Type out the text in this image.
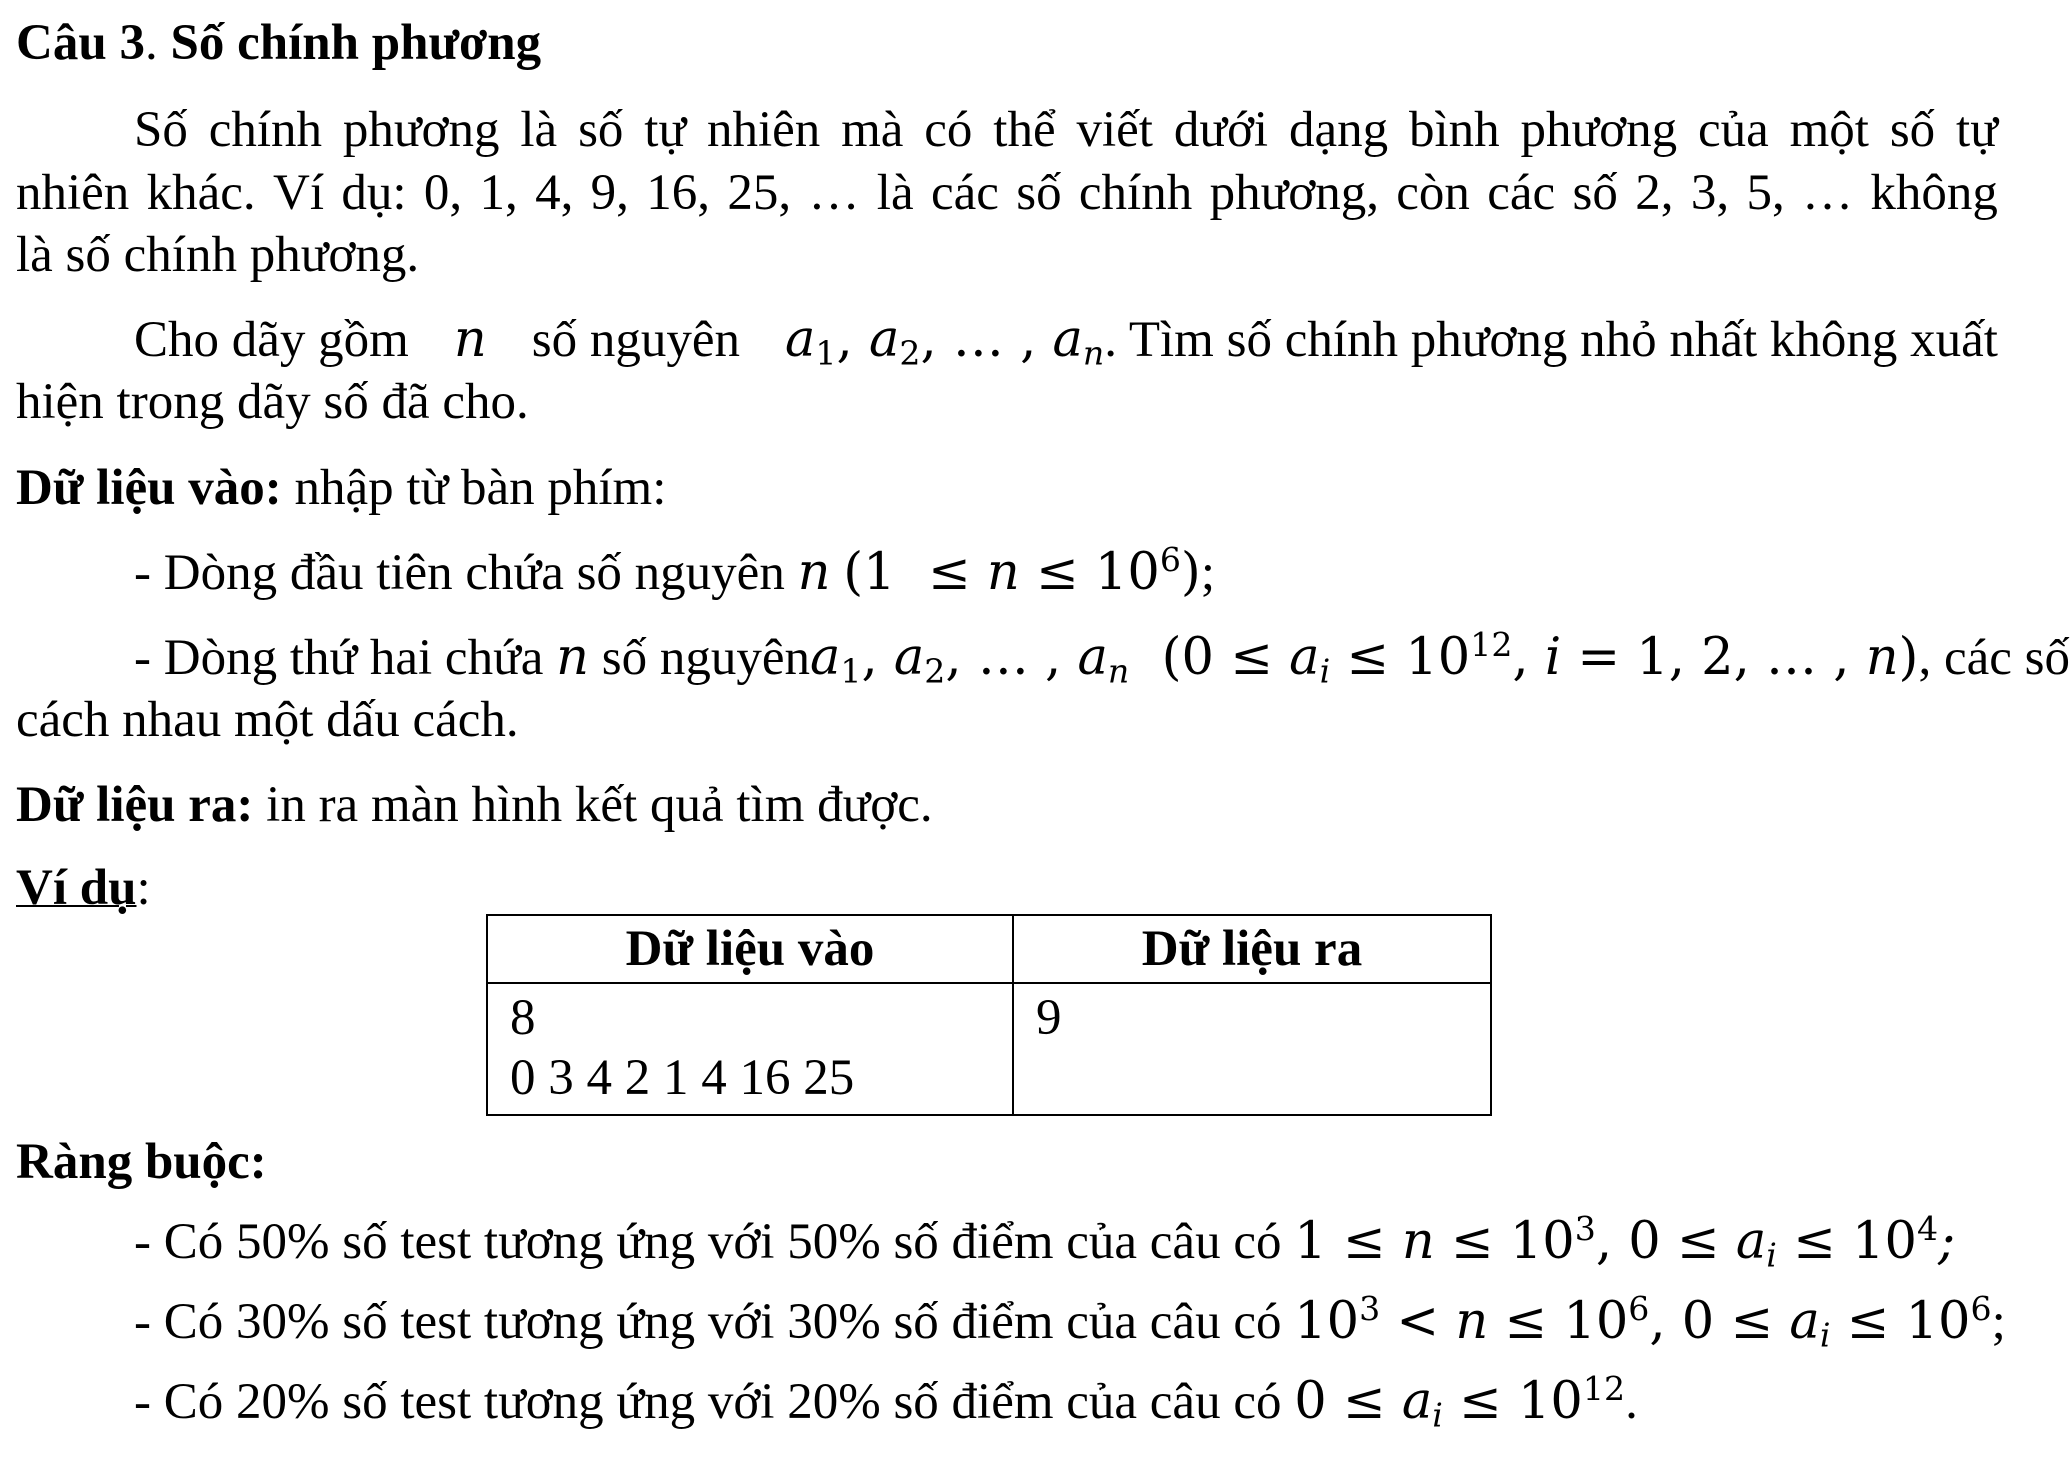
Câu 3. Số chính phương
Số chính phương là số tự nhiên mà có thể viết dưới dạng bình phương của một số tự
nhiên khác. Ví dụ: 0, 1, 4, 9, 16, 25, … là các số chính phương, còn các số 2, 3, 5, … không
là số chính phương.
Cho dãy gồm n số nguyên $a_1$, $a_2$, … , $a_n$. Tìm số chính phương nhỏ nhất không xuất
hiện trong dãy số đã cho.
Dữ liệu vào: nhập từ bàn phím:
- Dòng đầu tiên chứa số nguyên n $(1 \le n \le 10^6)$;
- Dòng thứ hai chứa n số nguyên $a_1$, $a_2$, … , $a_n$  ($0 \le a_i \le 10^{12}$, i = 1, 2, … , n) , các số
cách nhau một dấu cách.
Dữ liệu ra: in ra màn hình kết quả tìm được.
Ví dụ:
Ràng buộc:
- Có 50% số test tương ứng với 50% số điểm của câu có $1 \le n \le 10^3$, $0 \le a_i \le 10^4$;
- Có 30% số test tương ứng với 30% số điểm của câu có $10^3 < n \le 10^6$, $0 \le a_i \le 10^6$;
- Có 20% số test tương ứng với 20% số điểm của câu có $0 \le a_i \le 10^{12}$.
Dữ liệu vào	Dữ liệu ra

8
0 3 4 2 1 4 16 25	9
